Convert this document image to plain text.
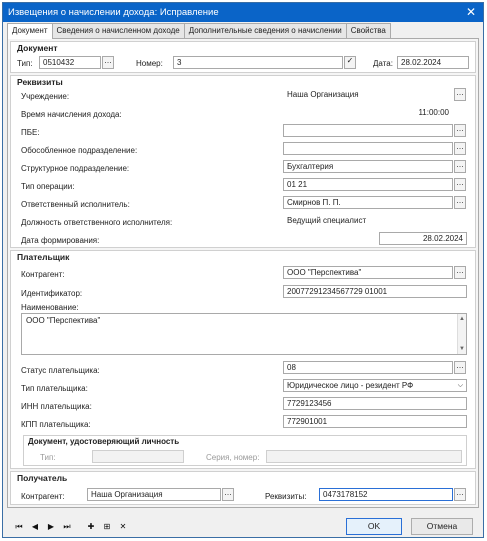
Извещения о начислении дохода: Исправление	✕
Документ	Сведения о начисленном доходе	Дополнительные сведения о начислении	Свойства
Документ
Тип:	0510432	…	Номер:	3	✓	Дата:	28.02.2024
Реквизиты
Учреждение:	Наша Организация	…
Время начисления дохода:	11:00:00
ПБЕ:	…
Обособленное подразделение:	…
Структурное подразделение:	Бухгалтерия	…
Тип операции:	01 21	…
Ответственный исполнитель:	Смирнов П. П.	…
Должность ответственного исполнителя:	Ведущий специалист
Дата формирования:	28.02.2024
Плательщик
Контрагент:	ООО "Перспектива"	…
Идентификатор:	20077291234567729 01001
Наименование:
ООО "Перспектива"	▲
▼
Статус плательщика:	08	…
Тип плательщика:	Юридическое лицо - резидент РФ	⌵
ИНН плательщика:	7729123456
КПП плательщика:	772901001
Документ, удостоверяющий личность
Тип:	Серия, номер:
Получатель
Контрагент:	Наша Организация	…	Реквизиты:	0473178152	…
⏮	◀	▶	⏭	✚	⊞	✕	OK	Отмена
